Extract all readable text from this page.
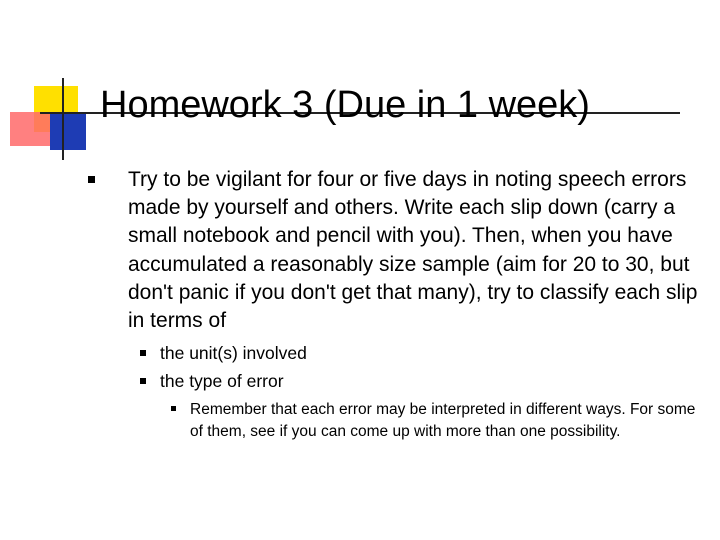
Homework 3 (Due in 1 week)

Try to be vigilant for four or five days in noting speech errors made by yourself and others. Write each slip down (carry a small notebook and pencil with you). Then, when you have accumulated a reasonably size sample (aim for 20 to 30, but don't panic if you don't get that many), try to classify each slip in terms of

the unit(s) involved
the type of error

Remember that each error may be interpreted in different ways. For some of them, see if you can come up with more than one possibility.
